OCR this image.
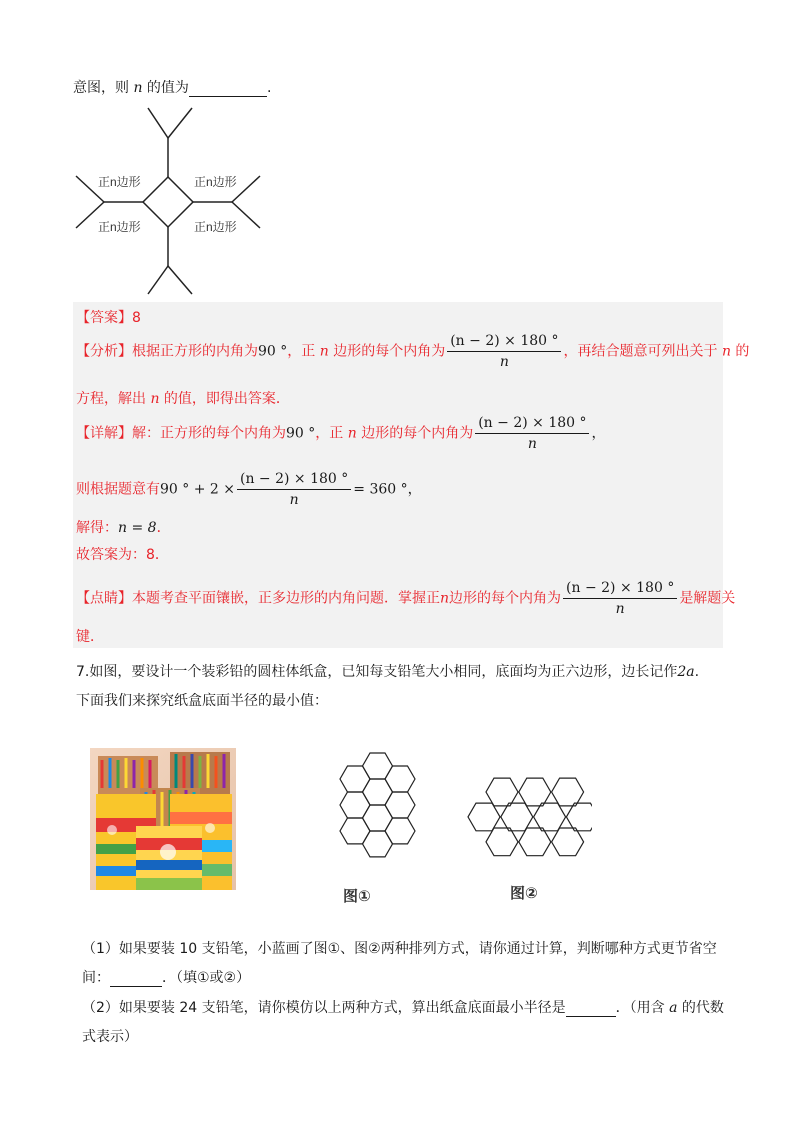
意图，则 n 的值为	.
正n边形	正n边形
正n边形	正n边形
【答案】8
【分析】根据正方形的内角为90 °，正 n 边形的每个内角为 $\frac{(n - 2) \times 180 ^\circ}{n}$ ，再结合题意可列出关于 n 的
方程，解出 n 的值，即得出答案．
【详解】解：正方形的每个内角为90 °，正 n 边形的每个内角为 $\frac{(n - 2) \times 180 ^\circ}{n}$ ，
则根据题意有90 ° + $2 \times \frac{(n - 2) \times 180 ^\circ}{n} = 360$ °，
解得：n = 8．
故答案为：8．
【点睛】本题考查平面镶嵌，正多边形的内角问题．掌握正n边形的每个内角为 $\frac{(n - 2) \times 180 ^\circ}{n}$ 是解题关
键．
7.如图，要设计一个装彩铅的圆柱体纸盒，已知每支铅笔大小相同，底面均为正六边形，边长记作2a.
下面我们来探究纸盒底面半径的最小值：
图①	图②
（1）如果要装 10 支铅笔，小蓝画了图①、图②两种排列方式，请你通过计算，判断哪种方式更节省空
间：	．（填①或②）
（2）如果要装 24 支铅笔，请你模仿以上两种方式，算出纸盒底面最小半径是	．（用含 a 的代数
式表示）
